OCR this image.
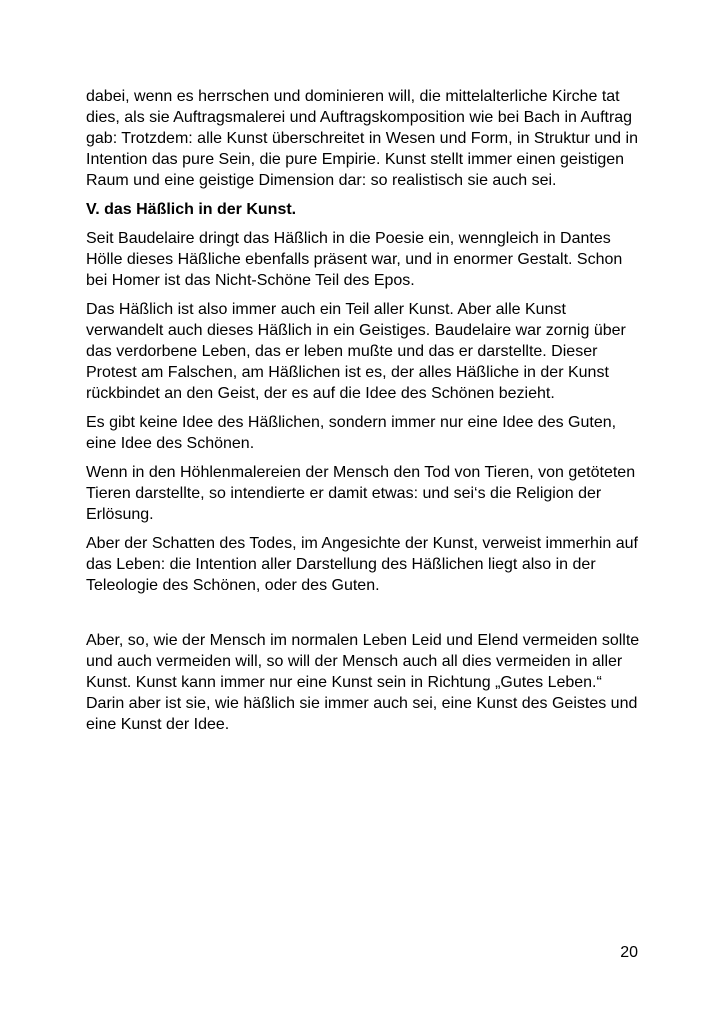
dabei, wenn es herrschen und dominieren will, die mittelalterliche Kirche tat dies, als sie Auftragsmalerei und Auftragskomposition wie bei Bach in Auftrag gab: Trotzdem: alle Kunst überschreitet in Wesen und Form, in Struktur und in Intention das pure Sein, die pure Empirie. Kunst stellt immer einen geistigen Raum und eine geistige Dimension dar: so realistisch sie auch sei.

V. das Häßlich in der Kunst.

Seit Baudelaire dringt das Häßlich in die Poesie ein, wenngleich in Dantes Hölle dieses Häßliche ebenfalls präsent war, und in enormer Gestalt. Schon bei Homer ist das Nicht-Schöne Teil des Epos.

Das Häßlich ist also immer auch ein Teil aller Kunst. Aber alle Kunst verwandelt auch dieses Häßlich in ein Geistiges. Baudelaire war zornig über das verdorbene Leben, das er leben mußte und das er darstellte. Dieser Protest am Falschen, am Häßlichen ist es, der alles Häßliche in der Kunst rückbindet an den Geist, der es auf die Idee des Schönen bezieht.

Es gibt keine Idee des Häßlichen, sondern immer nur eine Idee des Guten, eine Idee des Schönen.

Wenn in den Höhlenmalereien der Mensch den Tod von Tieren, von getöteten Tieren darstellte, so intendierte er damit etwas: und sei‘s die Religion der Erlösung.

Aber der Schatten des Todes, im Angesichte der Kunst, verweist immerhin auf das Leben: die Intention aller Darstellung des Häßlichen liegt also in der Teleologie des Schönen, oder des Guten.

Aber, so, wie der Mensch im normalen Leben Leid und Elend vermeiden sollte und auch vermeiden will, so will der Mensch auch all dies vermeiden in aller Kunst. Kunst kann immer nur eine Kunst sein in Richtung „Gutes Leben.“ Darin aber ist sie, wie häßlich sie immer auch sei, eine Kunst des Geistes und eine Kunst der Idee.

20
